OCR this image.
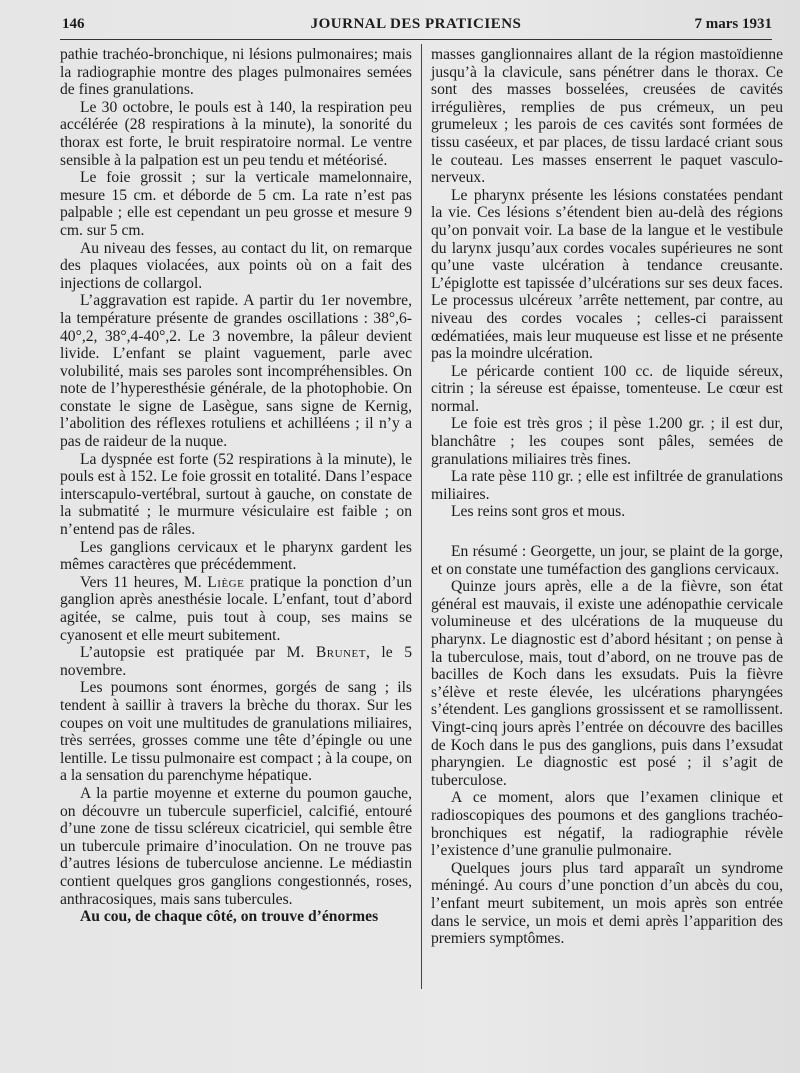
146	JOURNAL DES PRATICIENS	7 mars 1931

pathie trachéo-bronchique, ni lésions pulmonaires; mais la radiographie montre des plages pulmonaires semées de fines granulations.

Le 30 octobre, le pouls est à 140, la respiration peu accélérée (28 respirations à la minute), la sonorité du thorax est forte, le bruit respiratoire normal. Le ventre sensible à la palpation est un peu tendu et météorisé.

Le foie grossit ; sur la verticale mamelonnaire, mesure 15 cm. et déborde de 5 cm. La rate n’est pas palpable ; elle est cependant un peu grosse et mesure 9 cm. sur 5 cm.

Au niveau des fesses, au contact du lit, on remarque des plaques violacées, aux points où on a fait des injections de collargol.

L’aggravation est rapide. A partir du 1er novembre, la température présente de grandes oscillations : 38°,6-40°,2, 38°,4-40°,2. Le 3 novembre, la pâleur devient livide. L’enfant se plaint vaguement, parle avec volubilité, mais ses paroles sont incompréhensibles. On note de l’hyperesthésie générale, de la photophobie. On constate le signe de Lasègue, sans signe de Kernig, l’abolition des réflexes rotuliens et achilléens ; il n’y a pas de raideur de la nuque.

La dyspnée est forte (52 respirations à la minute), le pouls est à 152. Le foie grossit en totalité. Dans l’espace interscapulo-vertébral, surtout à gauche, on constate de la submatité ; le murmure vésiculaire est faible ; on n’entend pas de râles.

Les ganglions cervicaux et le pharynx gardent les mêmes caractères que précédemment.

Vers 11 heures, M. Liège pratique la ponction d’un ganglion après anesthésie locale. L’enfant, tout d’abord agitée, se calme, puis tout à coup, ses mains se cyanosent et elle meurt subitement.

L’autopsie est pratiquée par M. Brunet, le 5 novembre.

Les poumons sont énormes, gorgés de sang ; ils tendent à saillir à travers la brèche du thorax. Sur les coupes on voit une multitudes de granulations miliaires, très serrées, grosses comme une tête d’épingle ou une lentille. Le tissu pulmonaire est compact ; à la coupe, on a la sensation du parenchyme hépatique.

A la partie moyenne et externe du poumon gauche, on découvre un tubercule superficiel, calcifié, entouré d’une zone de tissu scléreux cicatriciel, qui semble être un tubercule primaire d’inoculation. On ne trouve pas d’autres lésions de tuberculose ancienne. Le médiastin contient quelques gros ganglions congestionnés, roses, anthracosiques, mais sans tubercules.

Au cou, de chaque côté, on trouve d’énormes

masses ganglionnaires allant de la région mastoïdienne jusqu’à la clavicule, sans pénétrer dans le thorax. Ce sont des masses bosselées, creusées de cavités irrégulières, remplies de pus crémeux, un peu grumeleux ; les parois de ces cavités sont formées de tissu caséeux, et par places, de tissu lardacé criant sous le couteau. Les masses enserrent le paquet vasculo-nerveux.

Le pharynx présente les lésions constatées pendant la vie. Ces lésions s’étendent bien au-delà des régions qu’on ponvait voir. La base de la langue et le vestibule du larynx jusqu’aux cordes vocales supérieures ne sont qu’une vaste ulcération à tendance creusante. L’épiglotte est tapissée d’ulcérations sur ses deux faces. Le processus ulcéreux ’arrête nettement, par contre, au niveau des cordes vocales ; celles-ci paraissent œdématiées, mais leur muqueuse est lisse et ne présente pas la moindre ulcération.

Le péricarde contient 100 cc. de liquide séreux, citrin ; la séreuse est épaisse, tomenteuse. Le cœur est normal.

Le foie est très gros ; il pèse 1.200 gr. ; il est dur, blanchâtre ; les coupes sont pâles, semées de granulations miliaires très fines.

La rate pèse 110 gr. ; elle est infiltrée de granulations miliaires.

Les reins sont gros et mous.

En résumé : Georgette, un jour, se plaint de la gorge, et on constate une tuméfaction des ganglions cervicaux.

Quinze jours après, elle a de la fièvre, son état général est mauvais, il existe une adénopathie cervicale volumineuse et des ulcérations de la muqueuse du pharynx. Le diagnostic est d’abord hésitant ; on pense à la tuberculose, mais, tout d’abord, on ne trouve pas de bacilles de Koch dans les exsudats. Puis la fièvre s’élève et reste élevée, les ulcérations pharyngées s’étendent. Les ganglions grossissent et se ramollissent. Vingt-cinq jours après l’entrée on découvre des bacilles de Koch dans le pus des ganglions, puis dans l’exsudat pharyngien. Le diagnostic est posé ; il s’agit de tuberculose.

A ce moment, alors que l’examen clinique et radioscopiques des poumons et des ganglions trachéo-bronchiques est négatif, la radiographie révèle l’existence d’une granulie pulmonaire.

Quelques jours plus tard apparaît un syndrome méningé. Au cours d’une ponction d’un abcès du cou, l’enfant meurt subitement, un mois après son entrée dans le service, un mois et demi après l’apparition des premiers symptômes.
